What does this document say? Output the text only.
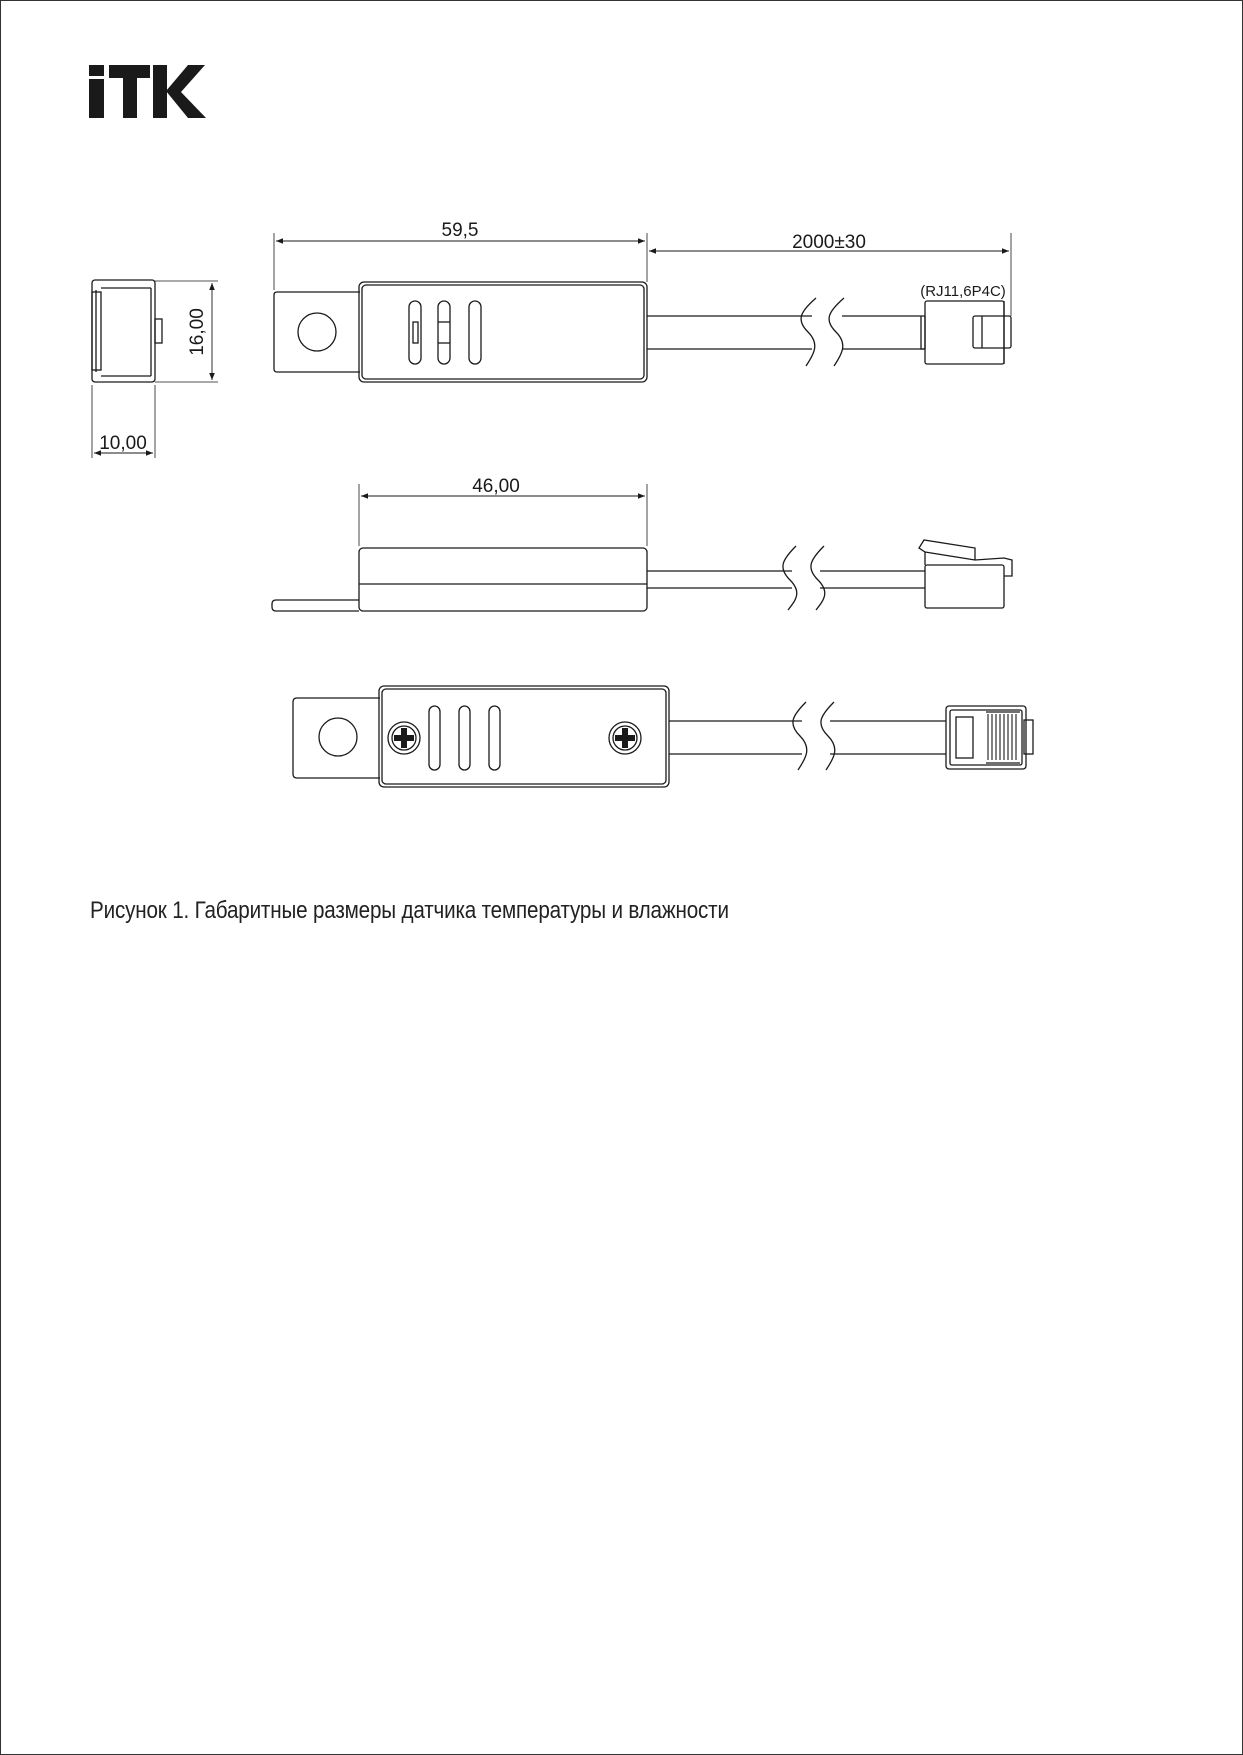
59,5
2000±30
(RJ11,6P4C)
16,00
10,00
46,00
Рисунок 1. Габаритные размеры датчика температуры и влажности
